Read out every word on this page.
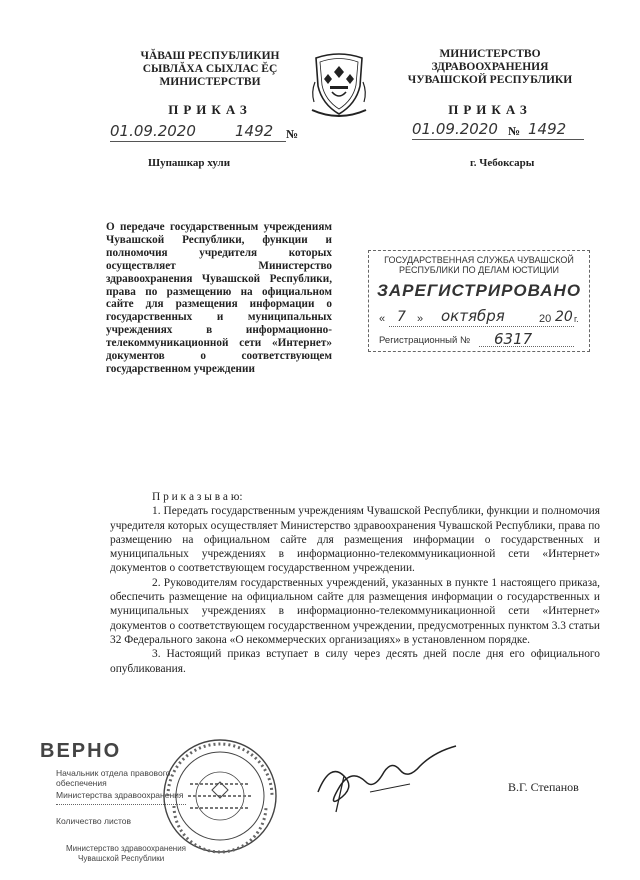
ЧĂВАШ РЕСПУБЛИКИН
СЫВЛĂХА СЫХЛАС ĔÇ
МИНИСТЕРСТВИ
ПРИКАЗ
01.09.2020	1492 №
Шупашкар хули
МИНИСТЕРСТВО
ЗДРАВООХРАНЕНИЯ
ЧУВАШСКОЙ РЕСПУБЛИКИ
ПРИКАЗ
01.09.2020 № 1492
г. Чебоксары
О передаче государственным учреждениям Чувашской Республики, функции и полномочия учредителя которых осуществляет Министерство здравоохранения Чувашской Республики, права по размещению на официальном сайте для размещения информации о государственных и муниципальных учреждениях в информационно-телекоммуникационной сети «Интернет» документов о соответствующем государственном учреждении
ГОСУДАРСТВЕННАЯ СЛУЖБА ЧУВАШСКОЙ
РЕСПУБЛИКИ ПО ДЕЛАМ ЮСТИЦИИ
ЗАРЕГИСТРИРОВАНО
« 7 » октября	20 20 г.
Регистрационный № 6317
П р и к а з ы в а ю:

1. Передать государственным учреждениям Чувашской Республики, функции и полномочия учредителя которых осуществляет Министерство здравоохранения Чувашской Республики, права по размещению на официальном сайте для размещения информации о государственных и муниципальных учреждениях в информационно-телекоммуникационной сети «Интернет» документов о соответствующем государственном учреждении.

2. Руководителям государственных учреждений, указанных в пункте 1 настоящего приказа, обеспечить размещение на официальном сайте для размещения информации о государственных и муниципальных учреждениях в информационно-телекоммуникационной сети «Интернет» документов о соответствующем государственном учреждении, предусмотренных пунктом 3.3 статьи 32 Федерального закона «О некоммерческих организациях» в установленном порядке.

3. Настоящий приказ вступает в силу через десять дней после дня его официального опубликования.

ВЕРНО
Начальник отдела правового обеспечения
Министерства здравоохранения
Количество листов
Министерство здравоохранения
Чувашской Республики
В.Г. Степанов
